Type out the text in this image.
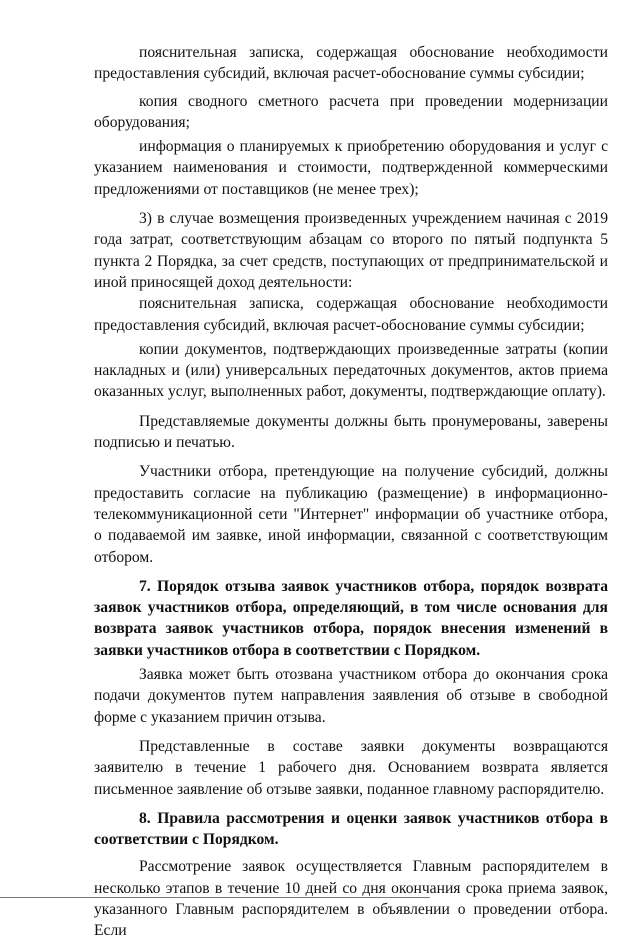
пояснительная записка, содержащая обоснование необходимости предоставления субсидий, включая расчет-обоснование суммы субсидии;

копия сводного сметного расчета при проведении модернизации оборудования;

информация о планируемых к приобретению оборудования и услуг с указанием наименования и стоимости, подтвержденной коммерческими предложениями от поставщиков (не менее трех);

3) в случае возмещения произведенных учреждением начиная с 2019 года затрат, соответствующим абзацам со второго по пятый подпункта 5 пункта 2 Порядка, за счет средств, поступающих от предпринимательской и иной приносящей доход деятельности:

пояснительная записка, содержащая обоснование необходимости предоставления субсидий, включая расчет-обоснование суммы субсидии;

копии документов, подтверждающих произведенные затраты (копии накладных и (или) универсальных передаточных документов, актов приема оказанных услуг, выполненных работ, документы, подтверждающие оплату).

Представляемые документы должны быть пронумерованы, заверены подписью и печатью.

Участники отбора, претендующие на получение субсидий, должны предоставить согласие на публикацию (размещение) в информационно-телекоммуникационной сети "Интернет" информации об участнике отбора, о подаваемой им заявке, иной информации, связанной с соответствующим отбором.

7. Порядок отзыва заявок участников отбора, порядок возврата заявок участников отбора, определяющий, в том числе основания для возврата заявок участников отбора, порядок внесения изменений в заявки участников отбора в соответствии с Порядком.

Заявка может быть отозвана участником отбора до окончания срока подачи документов путем направления заявления об отзыве в свободной форме с указанием причин отзыва.

Представленные в составе заявки документы возвращаются заявителю в течение 1 рабочего дня. Основанием возврата является письменное заявление об отзыве заявки, поданное главному распорядителю.

8. Правила рассмотрения и оценки заявок участников отбора в соответствии с Порядком.

Рассмотрение заявок осуществляется Главным распорядителем в несколько этапов в течение 10 дней со дня окончания срока приема заявок, указанного Главным распорядителем в объявлении о проведении отбора. Если
